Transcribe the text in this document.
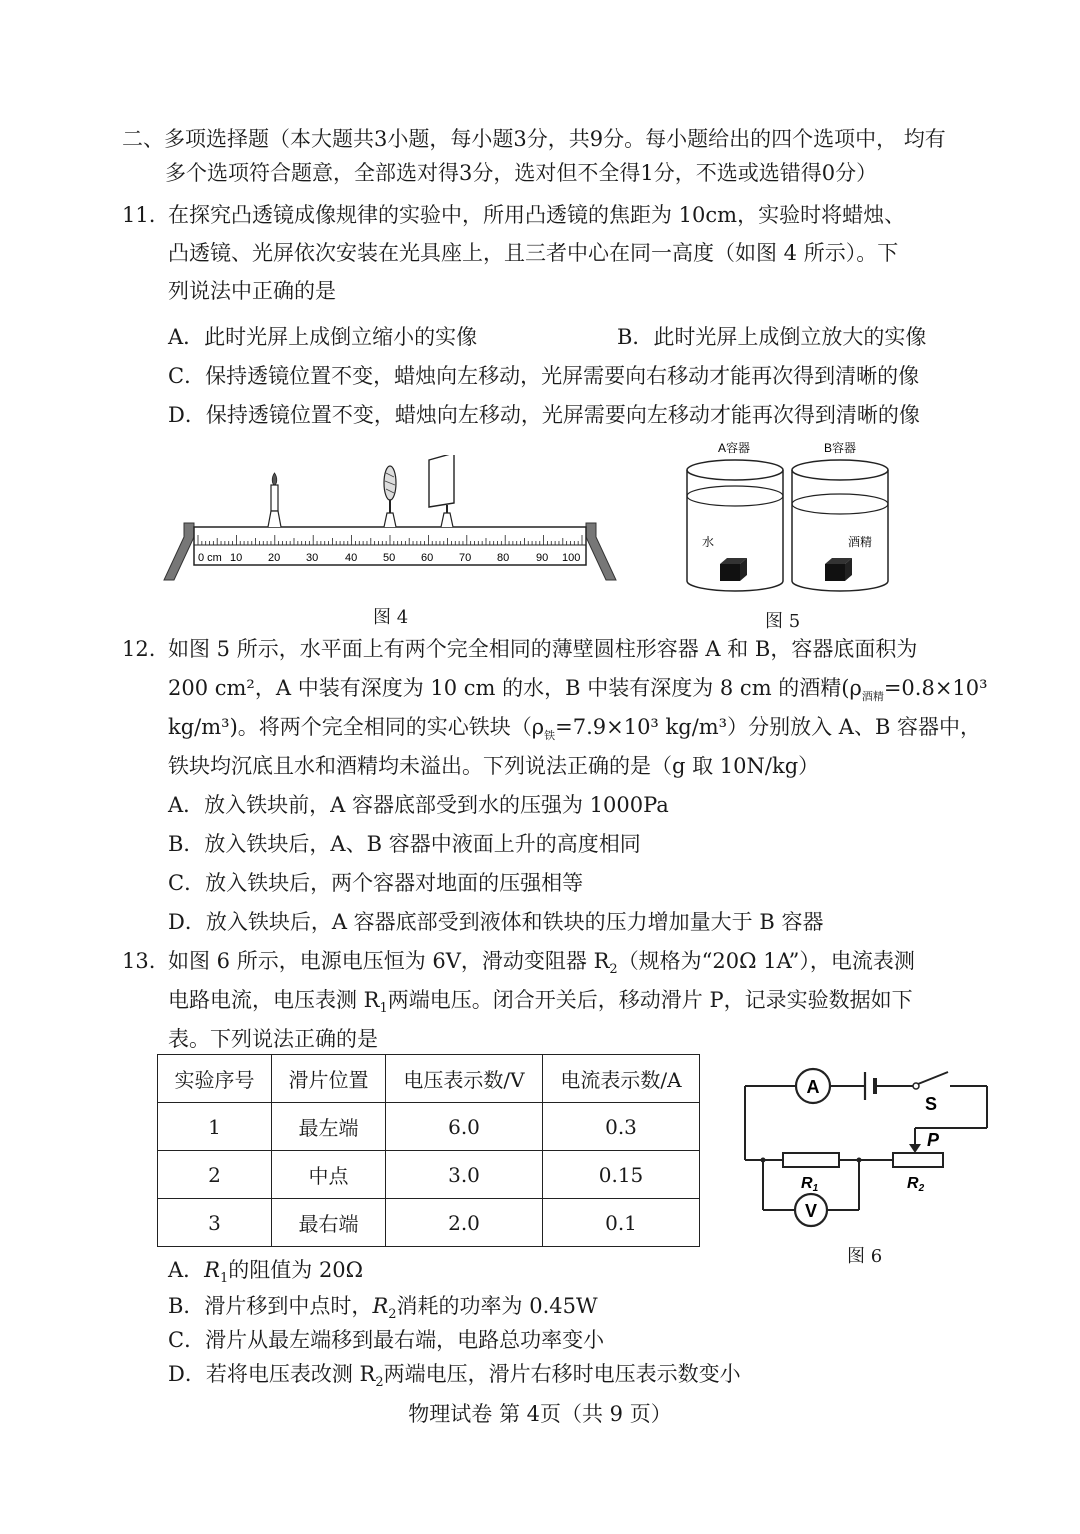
二、多项选择题（本大题共3小题，每小题3分，共9分。每小题给出的四个选项中， 均有
多个选项符合题意，全部选对得3分，选对但不全得1分，不选或选错得0分）
11. 在探究凸透镜成像规律的实验中，所用凸透镜的焦距为 10cm，实验时将蜡烛、
凸透镜、光屏依次安装在光具座上，且三者中心在同一高度（如图 4 所示）。下
列说法中正确的是
A．此时光屏上成倒立缩小的实像	B．此时光屏上成倒立放大的实像
C．保持透镜位置不变，蜡烛向左移动，光屏需要向右移动才能再次得到清晰的像
D．保持透镜位置不变，蜡烛向左移动，光屏需要向左移动才能再次得到清晰的像
0 cm 10 20 30 40 50 60 70 80 90 100
图 4
A容器	B容器
水	酒精
图 5
12. 如图 5 所示，水平面上有两个完全相同的薄壁圆柱形容器 A 和 B，容器底面积为
200 cm²，A 中装有深度为 10 cm 的水，B 中装有深度为 8 cm 的酒精($\rho_{酒精}=0.8\times 10^3$
kg/m³)。将两个完全相同的实心铁块（$\rho_铁=7.9\times 10^3$ kg/m³）分别放入 A、B 容器中，
铁块均沉底且水和酒精均未溢出。下列说法正确的是（g 取 10N/kg）
A．放入铁块前，A 容器底部受到水的压强为 1000Pa
B．放入铁块后，A、B 容器中液面上升的高度相同
C．放入铁块后，两个容器对地面的压强相等
D．放入铁块后，A 容器底部受到液体和铁块的压力增加量大于 B 容器
13. 如图 6 所示，电源电压恒为 6V，滑动变阻器 $R_2$（规格为“20Ω 1A”），电流表测
电路电流，电压表测 $R_1$两端电压。闭合开关后，移动滑片 P，记录实验数据如下
表。下列说法正确的是
实验序号	滑片位置	电压表示数/V	电流表示数/A
1	最左端	6.0	0.3
2	中点	3.0	0.15
3	最右端	2.0	0.1
A
S
P
R1	R2
V
图 6
A．$R_1$的阻值为 20Ω
B．滑片移到中点时，$R_2$消耗的功率为 0.45W
C．滑片从最左端移到最右端，电路总功率变小
D．若将电压表改测 $R_2$两端电压，滑片右移时电压表示数变小
物理试卷 第 4页（共 9 页）
